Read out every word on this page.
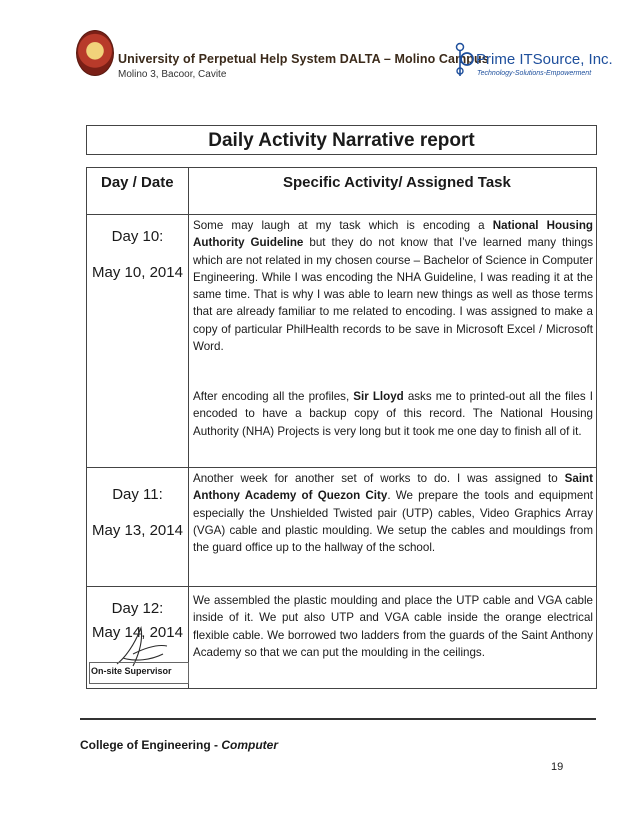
University of Perpetual Help System DALTA – Molino Campus
Molino 3, Bacoor, Cavite
Prime ITSource, Inc.
Technology-Solutions-Empowerment
Daily Activity Narrative report
Day / Date	Specific Activity/ Assigned Task
Day 10:
May 10, 2014
Some may laugh at my task which is encoding a National Housing Authority Guideline but they do not know that I’ve learned many things which are not related in my chosen course – Bachelor of Science in Computer Engineering. While I was encoding the NHA Guideline, I was reading it at the same time. That is why I was able to learn new things as well as those terms that are already familiar to me related to encoding. I was assigned to make a copy of particular PhilHealth records to be save in Microsoft Excel / Microsoft Word.
After encoding all the profiles, Sir Lloyd asks me to printed-out all the files I encoded to have a backup copy of this record. The National Housing Authority (NHA) Projects is very long but it took me one day to finish all of it.
Day 11:
May 13, 2014
Another week for another set of works to do. I was assigned to Saint Anthony Academy of Quezon City. We prepare the tools and equipment especially the Unshielded Twisted pair (UTP) cables, Video Graphics Array (VGA) cable and plastic moulding. We setup the cables and mouldings from the guard office up to the hallway of the school.
Day 12:
May 14, 2014
We assembled the plastic moulding and place the UTP cable and VGA cable inside of it. We put also UTP and VGA cable inside the orange electrical flexible cable. We borrowed two ladders from the guards of the Saint Anthony Academy so that we can put the moulding in the ceilings.
On-site Supervisor
College of Engineering - Computer
19
